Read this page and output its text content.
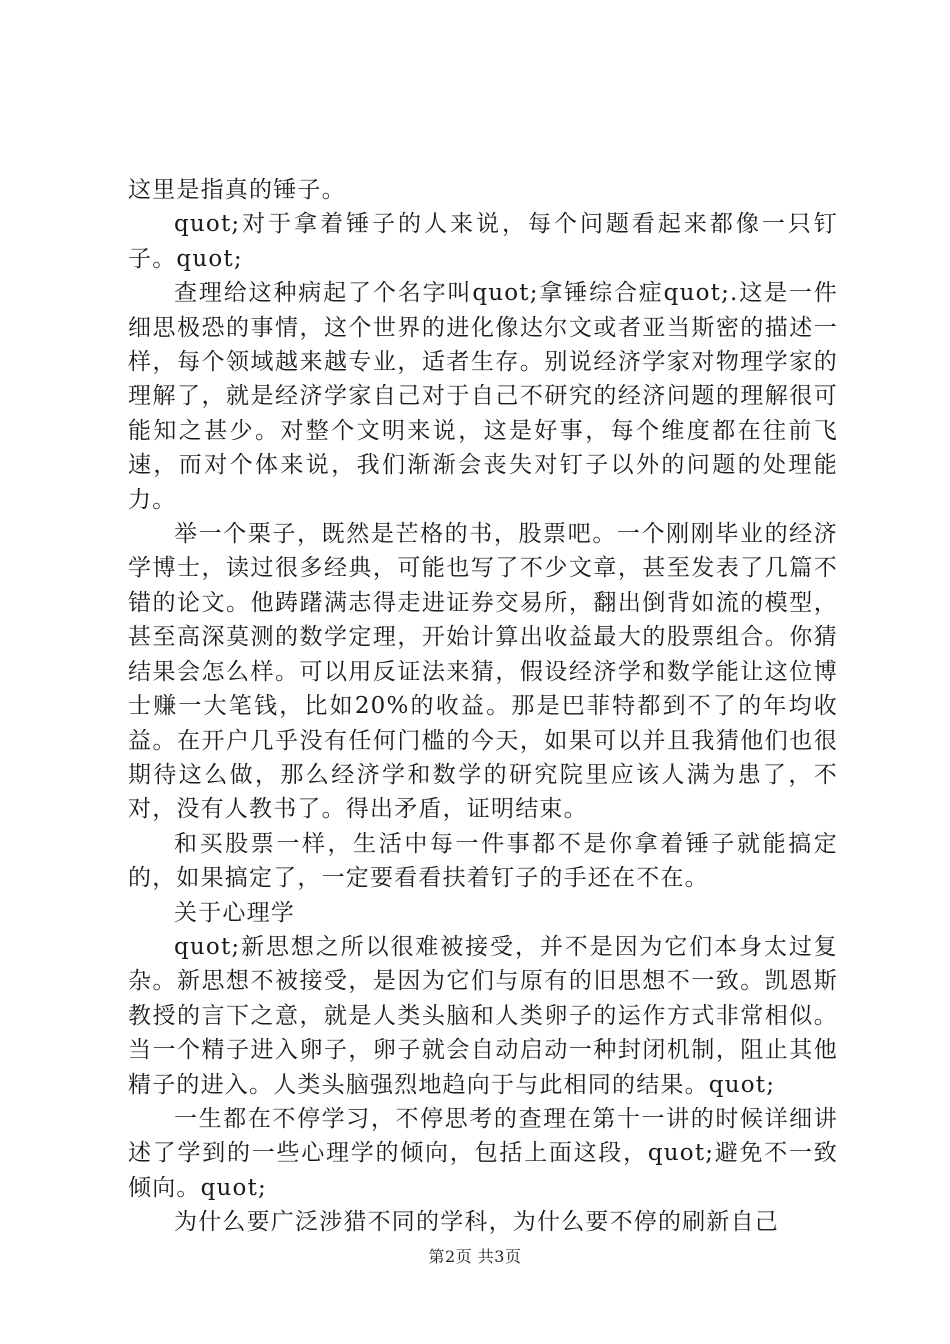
这里是指真的锤子。

quot;对于拿着锤子的人来说，每个问题看起来都像一只钉子。quot;

查理给这种病起了个名字叫quot;拿锤综合症quot;.这是一件细思极恐的事情，这个世界的进化像达尔文或者亚当斯密的描述一样，每个领域越来越专业，适者生存。别说经济学家对物理学家的理解了，就是经济学家自己对于自己不研究的经济问题的理解很可能知之甚少。对整个文明来说，这是好事，每个维度都在往前飞速，而对个体来说，我们渐渐会丧失对钉子以外的问题的处理能力。

举一个栗子，既然是芒格的书，股票吧。一个刚刚毕业的经济学博士，读过很多经典，可能也写了不少文章，甚至发表了几篇不错的论文。他踌躇满志得走进证券交易所，翻出倒背如流的模型，甚至高深莫测的数学定理，开始计算出收益最大的股票组合。你猜结果会怎么样。可以用反证法来猜，假设经济学和数学能让这位博士赚一大笔钱，比如20%的收益。那是巴菲特都到不了的年均收益。在开户几乎没有任何门槛的今天，如果可以并且我猜他们也很期待这么做，那么经济学和数学的研究院里应该人满为患了，不对，没有人教书了。得出矛盾，证明结束。

和买股票一样，生活中每一件事都不是你拿着锤子就能搞定的，如果搞定了，一定要看看扶着钉子的手还在不在。

关于心理学

quot;新思想之所以很难被接受，并不是因为它们本身太过复杂。新思想不被接受，是因为它们与原有的旧思想不一致。凯恩斯教授的言下之意，就是人类头脑和人类卵子的运作方式非常相似。当一个精子进入卵子，卵子就会自动启动一种封闭机制，阻止其他精子的进入。人类头脑强烈地趋向于与此相同的结果。quot;

一生都在不停学习，不停思考的查理在第十一讲的时候详细讲述了学到的一些心理学的倾向，包括上面这段，quot;避免不一致倾向。quot;

为什么要广泛涉猎不同的学科，为什么要不停的刷新自己

第2页 共3页
